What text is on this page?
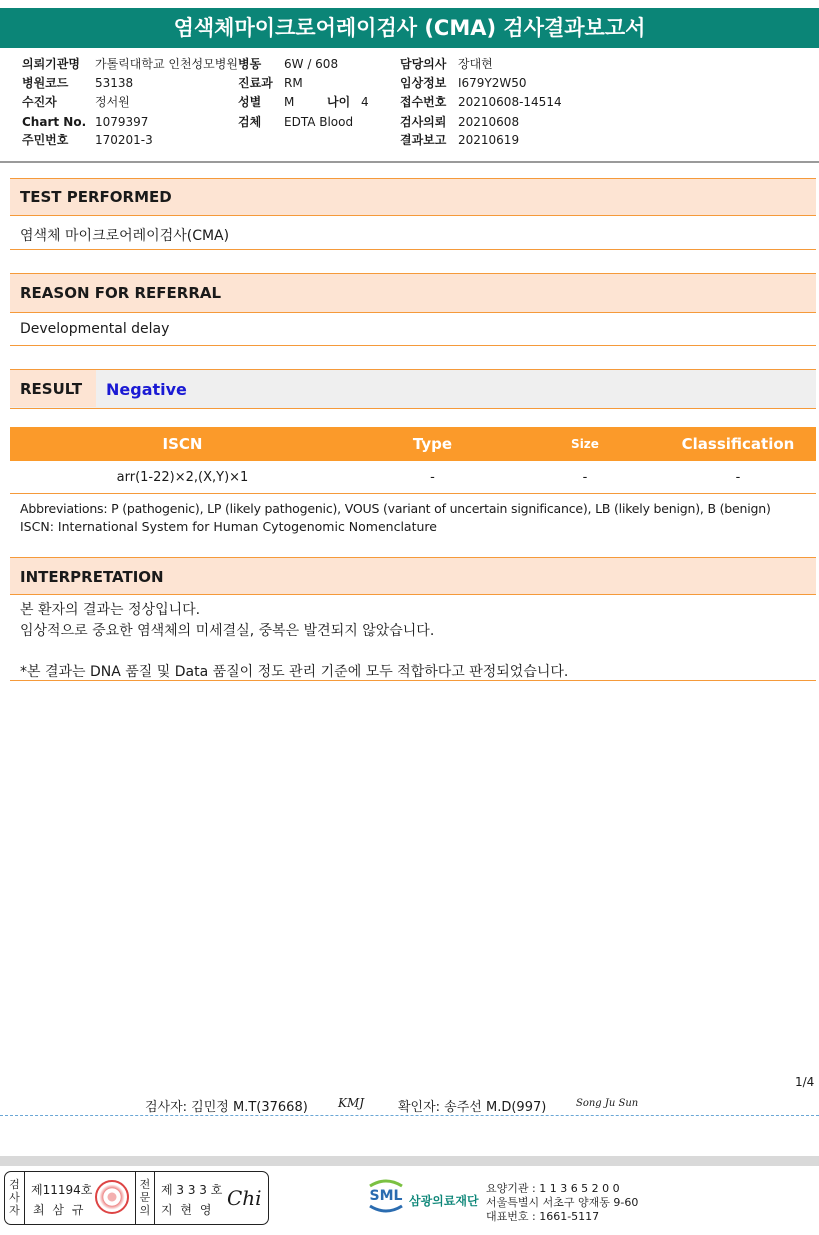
염색체마이크로어레이검사 (CMA) 검사결과보고서
의뢰기관명 가톨릭대학교 인천성모병원 병동 6W / 608	담당의사 장대현
병원코드 53138	진료과 RM	임상정보 I679Y2W50
수진자	정서원	성별 M	나이 4	접수번호 20210608-14514
Chart No. 1079397	검체 EDTA Blood	검사의뢰 20210608
주민번호 170201-3	결과보고 20210619
TEST PERFORMED
염색체 마이크로어레이검사(CMA)
REASON FOR REFERRAL
Developmental delay
RESULT Negative
ISCN	Type	Size	Classification
arr(1-22)×2,(X,Y)×1	-	-	-
Abbreviations: P (pathogenic), LP (likely pathogenic), VOUS (variant of uncertain significance), LB (likely benign), B (benign)
ISCN: International System for Human Cytogenomic Nomenclature
INTERPRETATION
본 환자의 결과는 정상입니다.
임상적으로 중요한 염색체의 미세결실, 중복은 발견되지 않았습니다.
*본 결과는 DNA 품질 및 Data 품질이 정도 관리 기준에 모두 적합하다고 판정되었습니다.
1/4
검사자: 김민정 M.T(37668)	KMJ	확인자: 송주선 M.D(997)	Song Ju Sun
검사자
제11194호
최 삼 규
전문의
제 3 3 3 호
지 현 영 Chi	SML 삼광의료재단
요양기관 : 1 1 3 6 5 2 0 0
서울특별시 서초구 양재동 9-60
대표번호 : 1661-5117
